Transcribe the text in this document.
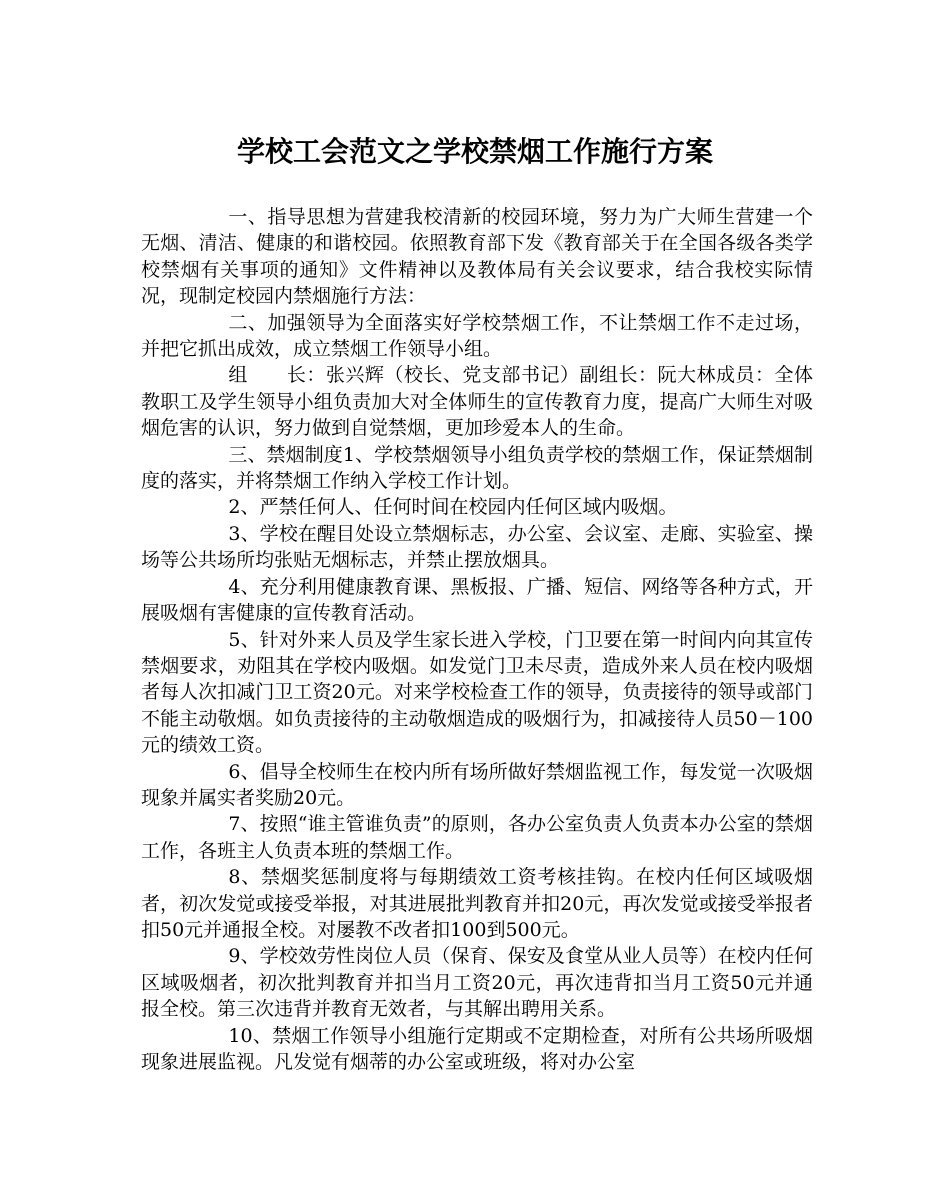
学校工会范文之学校禁烟工作施行方案

一、指导思想为营建我校清新的校园环境，努力为广大师生营建一个无烟、清洁、健康的和谐校园。依照教育部下发《教育部关于在全国各级各类学校禁烟有关事项的通知》文件精神以及教体局有关会议要求，结合我校实际情况，现制定校园内禁烟施行方法：

二、加强领导为全面落实好学校禁烟工作，不让禁烟工作不走过场，并把它抓出成效，成立禁烟工作领导小组。

组　　长：张兴辉（校长、党支部书记）副组长：阮大林成员：全体教职工及学生领导小组负责加大对全体师生的宣传教育力度，提高广大师生对吸烟危害的认识，努力做到自觉禁烟，更加珍爱本人的生命。

三、禁烟制度1、学校禁烟领导小组负责学校的禁烟工作，保证禁烟制度的落实，并将禁烟工作纳入学校工作计划。

2、严禁任何人、任何时间在校园内任何区域内吸烟。

3、学校在醒目处设立禁烟标志，办公室、会议室、走廊、实验室、操场等公共场所均张贴无烟标志，并禁止摆放烟具。

4、充分利用健康教育课、黑板报、广播、短信、网络等各种方式，开展吸烟有害健康的宣传教育活动。

5、针对外来人员及学生家长进入学校，门卫要在第一时间内向其宣传禁烟要求，劝阻其在学校内吸烟。如发觉门卫未尽责，造成外来人员在校内吸烟者每人次扣减门卫工资20元。对来学校检查工作的领导，负责接待的领导或部门不能主动敬烟。如负责接待的主动敬烟造成的吸烟行为，扣减接待人员50－100元的绩效工资。

6、倡导全校师生在校内所有场所做好禁烟监视工作，每发觉一次吸烟现象并属实者奖励20元。

7、按照“谁主管谁负责”的原则，各办公室负责人负责本办公室的禁烟工作，各班主人负责本班的禁烟工作。

8、禁烟奖惩制度将与每期绩效工资考核挂钩。在校内任何区域吸烟者，初次发觉或接受举报，对其进展批判教育并扣20元，再次发觉或接受举报者扣50元并通报全校。对屡教不改者扣100到500元。

9、学校效劳性岗位人员（保育、保安及食堂从业人员等）在校内任何区域吸烟者，初次批判教育并扣当月工资20元，再次违背扣当月工资50元并通报全校。第三次违背并教育无效者，与其解出聘用关系。

10、禁烟工作领导小组施行定期或不定期检查，对所有公共场所吸烟现象进展监视。凡发觉有烟蒂的办公室或班级，将对办公室
